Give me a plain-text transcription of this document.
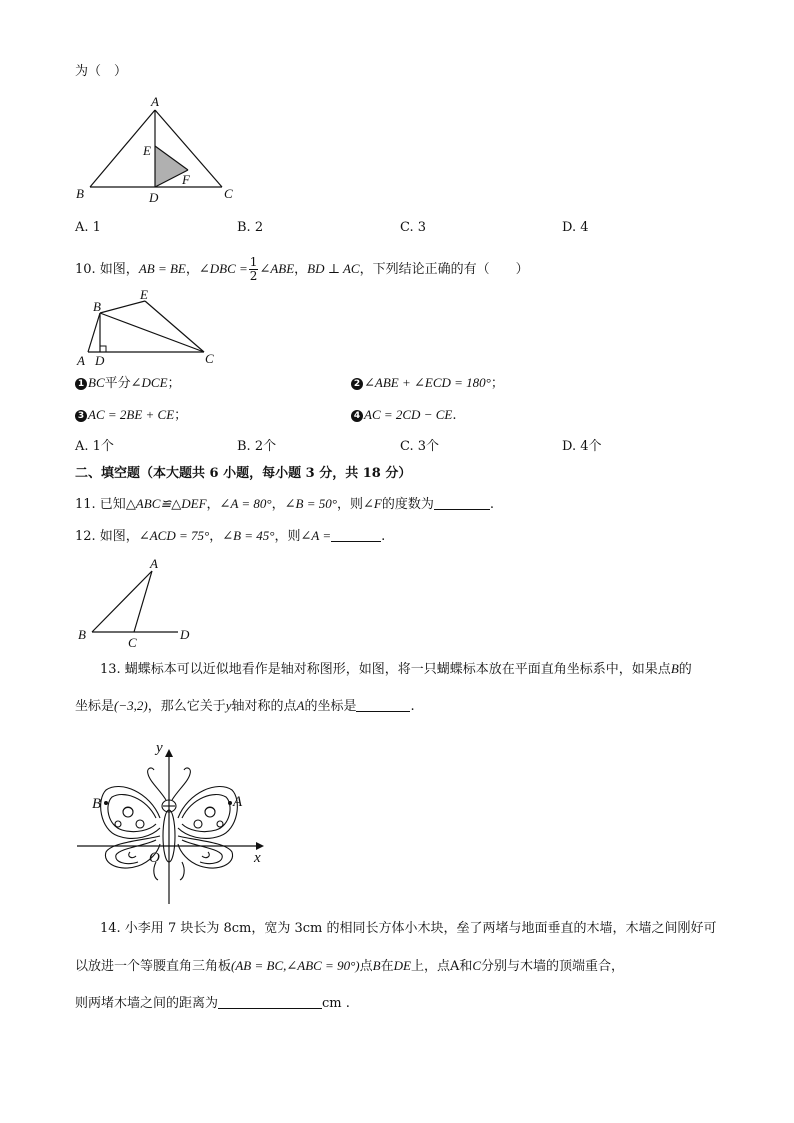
为（　）
A
B	C
D
E
F
A. 1	B. 2	C. 3	D. 4
10. 如图，AB = BE，∠DBC = $\frac{1}{2}$ ∠ABE，BD ⊥ AC，下列结论正确的有（　　）
B
E
A D	C
1 BC平分∠DCE；	2 ∠ABE + ∠ECD = 180°；
3 AC = 2BE + CE；	4 AC = 2CD − CE.
A. 1个	B. 2个	C. 3个	D. 4个
二、填空题（本大题共 6 小题，每小题 3 分，共 18 分）
11. 已知△ABC≌△DEF，∠A = 80°，∠B = 50°，则∠F的度数为	.
12. 如图，∠ACD = 75°，∠B = 45°，则∠A =	.
A
B
C
D
13. 蝴蝶标本可以近似地看作是轴对称图形，如图，将一只蝴蝶标本放在平面直角坐标系中，如果点B的
坐标是(−3,2)，那么它关于y轴对称的点A的坐标是	.
y
x
O
B	A
14. 小李用 7 块长为 8cm，宽为 3cm 的相同长方体小木块，垒了两堵与地面垂直的木墙，木墙之间刚好可
以放进一个等腰直角三角板(AB = BC,∠ABC = 90°)点B在DE上，点A和C分别与木墙的顶端重合，
则两堵木墙之间的距离为	cm .
